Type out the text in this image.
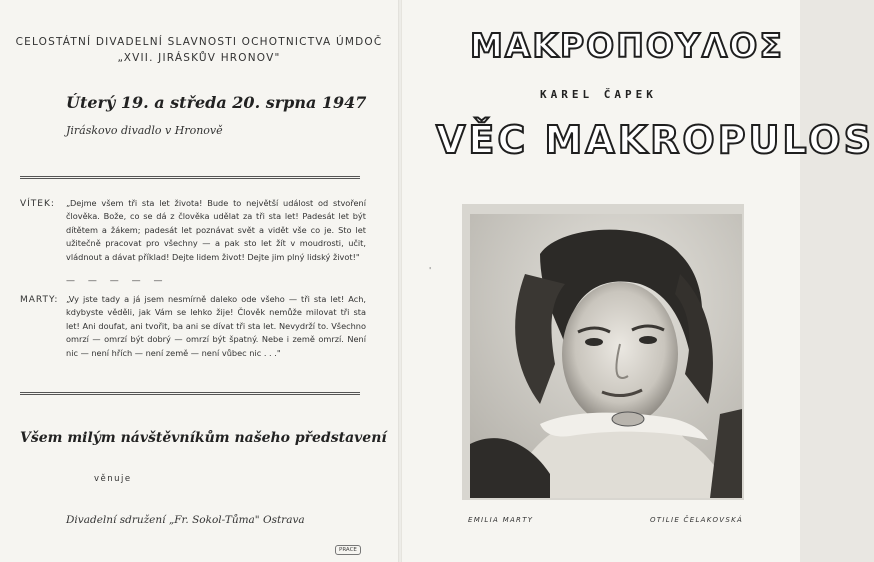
CELOSTÁTNÍ DIVADELNÍ SLAVNOSTI OCHOTNICTVA ÚMDOČ
„XVII. JIRÁSKŮV HRONOV"
Úterý 19. a středa 20. srpna 1947
Jiráskovo divadlo v Hronově
VÍTEK: „Dejme všem tři sta let života! Bude to největší událost od stvoření člověka. Bože, co se dá z člověka udělat za tři sta let! Padesát let být dítětem a žákem; padesát let poznávat svět a vidět vše co je. Sto let užitečně pracovat pro všechny — a pak sto let žít v moudrosti, učit, vládnout a dávat příklad! Dejte lidem život! Dejte jim plný lidský život!"
— — — — —
MARTY: „Vy jste tady a já jsem nesmírně daleko ode všeho — tři sta let! Ach, kdybyste věděli, jak Vám se lehko žije! Člověk nemůže milovat tři sta let! Ani doufat, ani tvořit, ba ani se dívat tři sta let. Nevydrží to. Všechno omrzí — omrzí být dobrý — omrzí být špatný. Nebe i země omrzí. Není nic — není hřích — není země — není vůbec nic . . ."
Všem milým návštěvníkům našeho představení
věnuje
Divadelní sdružení „Fr. Sokol-Tůma" Ostrava
PRACE
ΜΑΚΡΟΠΟΥΛΟΣ
KAREL ČAPEK
VĚC MAKROPULOS
'
EMILIA MARTY	OTILIE ČELAKOVSKÁ
